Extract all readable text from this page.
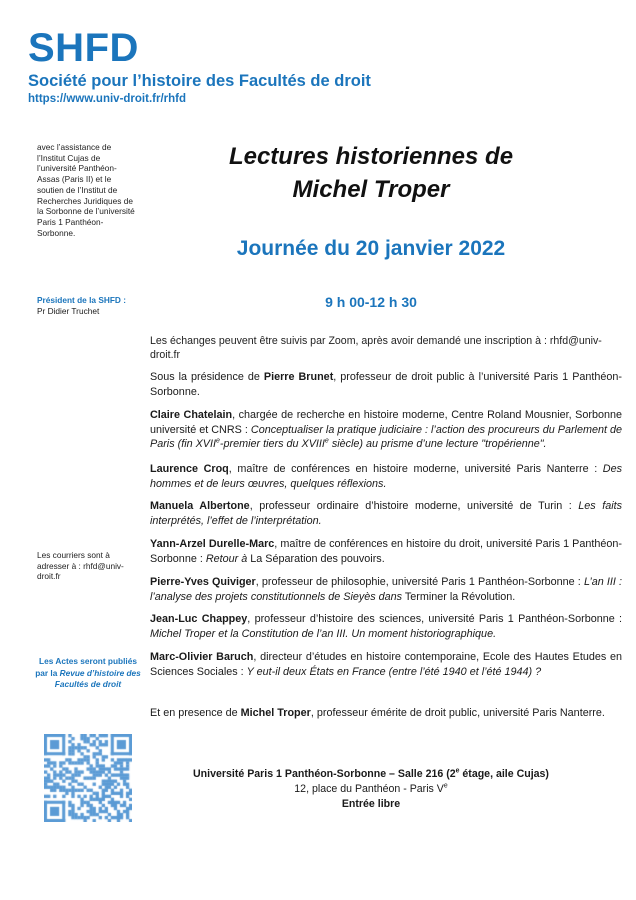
SHFD
Société pour l’histoire des Facultés de droit
https://www.univ-droit.fr/rhfd
avec l’assistance de l’Institut Cujas de l’université Panthéon-Assas (Paris II) et le soutien de l’Institut de Recherches Juridiques de la Sorbonne de l’université Paris 1 Panthéon-Sorbonne.
Président de la SHFD :
Pr Didier Truchet
Les courriers sont à adresser à : rhfd@univ-droit.fr
Les Actes seront publiés par la Revue d’histoire des Facultés de droit
Lectures historiennes de
Michel Troper
Journée du 20 janvier 2022
9 h 00-12 h 30
Les échanges peuvent être suivis par Zoom, après avoir demandé une inscription à : rhfd@univ-droit.fr

Sous la présidence de Pierre Brunet, professeur de droit public à l’université Paris 1 Panthéon-Sorbonne.

Claire Chatelain, chargée de recherche en histoire moderne, Centre Roland Mousnier, Sorbonne université et CNRS : Conceptualiser la pratique judiciaire : l’action des procureurs du Parlement de Paris (fin XVIIe-premier tiers du XVIIIe siècle) au prisme d’une lecture "tropérienne".

Laurence Croq, maître de conférences en histoire moderne, université Paris Nanterre : Des hommes et de leurs œuvres, quelques réflexions.

Manuela Albertone, professeur ordinaire d’histoire moderne, université de Turin : Les faits interprétés, l’effet de l’interprétation.

Yann-Arzel Durelle-Marc, maître de conférences en histoire du droit, université Paris 1 Panthéon-Sorbonne : Retour à La Séparation des pouvoirs.

Pierre-Yves Quiviger, professeur de philosophie, université Paris 1 Panthéon-Sorbonne : L’an III : l’analyse des projets constitutionnels de Sieyès dans Terminer la Révolution.

Jean-Luc Chappey, professeur d’histoire des sciences, université Paris 1 Panthéon-Sorbonne : Michel Troper et la Constitution de l’an III. Un moment historiographique.

Marc-Olivier Baruch, directeur d’études en histoire contemporaine, Ecole des Hautes Etudes en Sciences Sociales : Y eut-il deux États en France (entre l’été 1940 et l’été 1944) ?

Et en presence de Michel Troper, professeur émérite de droit public, université Paris Nanterre.
Université Paris 1 Panthéon-Sorbonne – Salle 216 (2e étage, aile Cujas)
12, place du Panthéon - Paris Ve
Entrée libre
